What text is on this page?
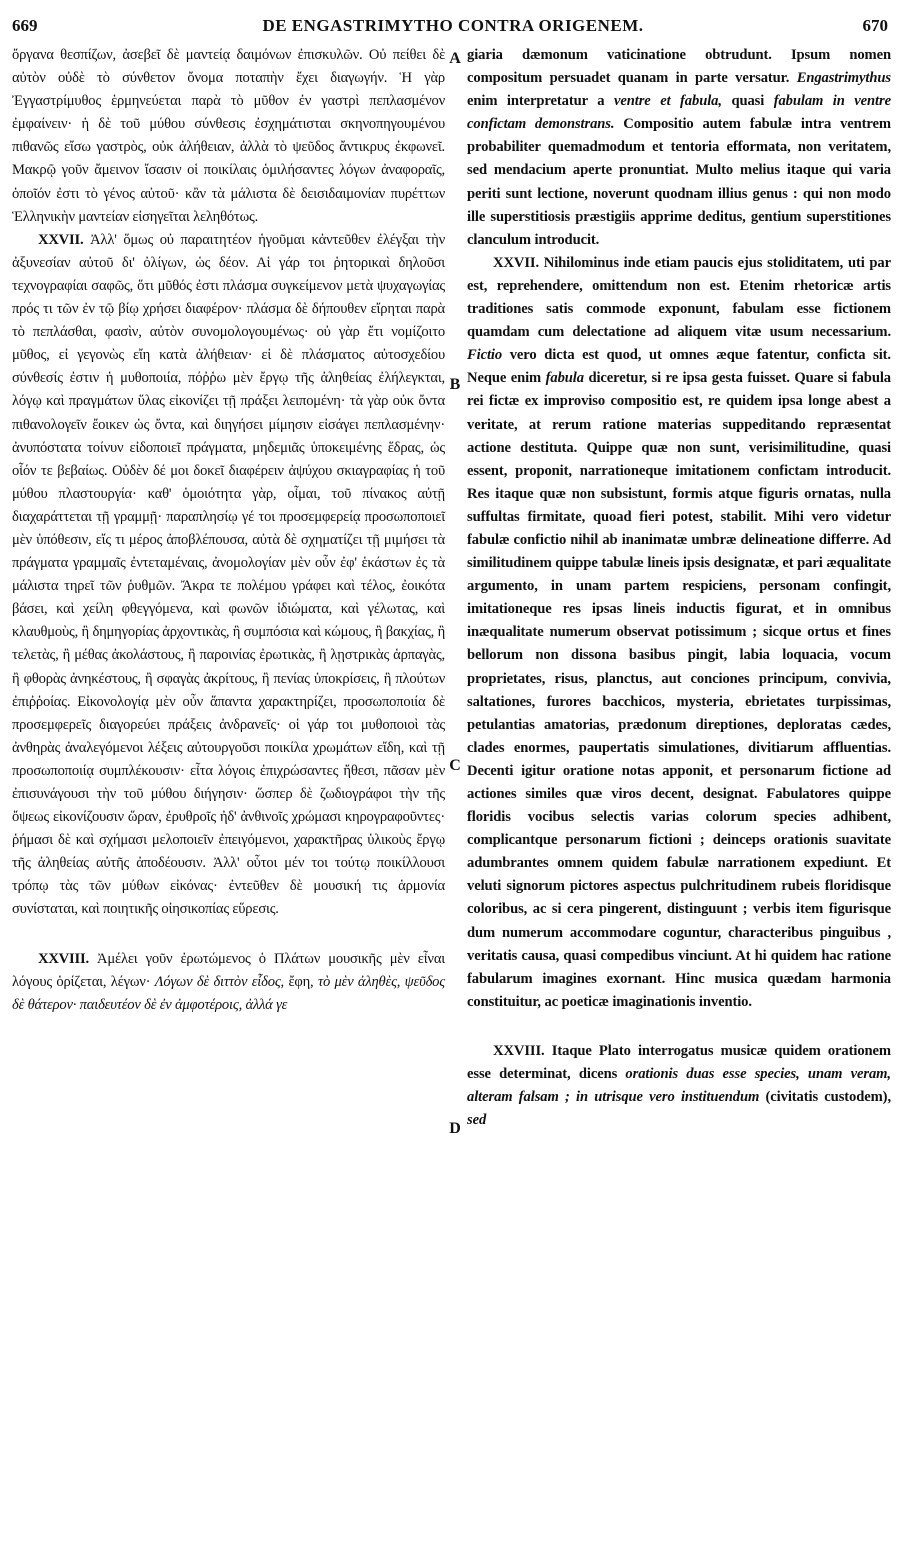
669	DE ENGASTRIMYTHO CONTRA ORIGENEM.	670

ὄργανα θεσπίζων, ἀσεβεῖ δὲ μαντείᾳ δαιμόνων ἐπισκυλῶν. Οὐ πείθει δὲ αὐτὸν οὐδὲ τὸ σύνθετον ὄνομα ποταπὴν ἔχει διαγωγήν. Ἡ γὰρ Ἐγγαστρίμυθος ἑρμηνεύεται παρὰ τὸ μῦθον ἐν γαστρὶ πεπλασμένον ἐμφαίνειν· ἡ δὲ τοῦ μύθου σύνθεσις ἐσχημάτισται σκηνοπηγουμένου πιθανῶς εἴσω γαστρὸς, οὐκ ἀλήθειαν, ἀλλὰ τὸ ψεῦδος ἄντικρυς ἐκφωνεῖ. Μακρῷ γοῦν ἄμεινον ἴσασιν οἱ ποικίλαις ὁμιλήσαντες λόγων ἀναφοραῖς, ὁποῖόν ἐστι τὸ γένος αὐτοῦ· κἂν τὰ μάλιστα δὲ δεισιδαιμονίαν πυρέττων Ἑλληνικὴν μαντείαν εἰσηγεῖται λεληθότως.

XXVII. Ἀλλ' ὅμως οὐ παραιτητέον ἡγοῦμαι κἀντεῦθεν ἐλέγξαι τὴν ἀξυνεσίαν αὐτοῦ δι' ὀλίγων, ὡς δέον. Αἱ γάρ τοι ῥητορικαὶ δηλοῦσι τεχνογραφίαι σαφῶς, ὅτι μῦθός ἐστι πλάσμα συγκείμενον μετὰ ψυχαγωγίας πρός τι τῶν ἐν τῷ βίῳ χρήσει διαφέρον· πλάσμα δὲ δήπουθεν εἴρηται παρὰ τὸ πεπλάσθαι, φασὶν, αὐτὸν συνομολογουμένως· οὐ γὰρ ἔτι νομίζοιτο μῦθος, εἰ γεγονὼς εἴη κατὰ ἀλήθειαν· εἰ δὲ πλάσματος αὐτοσχεδίου σύνθεσίς ἐστιν ἡ μυθοποιία, πόῤῥω μὲν ἔργῳ τῆς ἀληθείας ἐλήλεγκται, λόγῳ καὶ πραγμάτων ὕλας εἰκονίζει τῇ πράξει λειπομένη· τὰ γὰρ οὐκ ὄντα πιθανολογεῖν ἔοικεν ὡς ὄντα, καὶ διηγήσει μίμησιν εἰσάγει πεπλασμένην· ἀνυπόστατα τοίνυν εἰδοποιεῖ πράγματα, μηδεμιᾶς ὑποκειμένης ἕδρας, ὡς οἷόν τε βεβαίως. Οὐδὲν δέ μοι δοκεῖ διαφέρειν ἀψύχου σκιαγραφίας ἡ τοῦ μύθου πλαστουργία· καθ' ὁμοιότητα γὰρ, οἶμαι, τοῦ πίνακος αὐτῇ διαχαράττεται τῇ γραμμῇ· παραπλησίῳ γέ τοι προσεμφερείᾳ προσωποποιεῖ μὲν ὑπόθεσιν, εἴς τι μέρος ἀποβλέπουσα, αὐτὰ δὲ σχηματίζει τῇ μιμήσει τὰ πράγματα γραμμαῖς ἐντεταμέναις, ἀνομολογίαν μὲν οὖν ἐφ' ἑκάστων ἐς τὰ μάλιστα τηρεῖ τῶν ῥυθμῶν. Ἄκρα τε πολέμου γράφει καὶ τέλος, ἐοικότα βάσει, καὶ χείλη φθεγγόμενα, καὶ φωνῶν ἰδιώματα, καὶ γέλωτας, καὶ κλαυθμοὺς, ἢ δημηγορίας ἀρχοντικὰς, ἢ συμπόσια καὶ κώμους, ἢ βακχίας, ἢ τελετὰς, ἢ μέθας ἀκολάστους, ἢ παροινίας ἐρωτικὰς, ἢ λῃστρικὰς ἁρπαγὰς, ἢ φθορὰς ἀνηκέστους, ἢ σφαγὰς ἀκρίτους, ἢ πενίας ὑποκρίσεις, ἢ πλούτων ἐπιῤῥοίας. Εἰκονολογίᾳ μὲν οὖν ἅπαντα χαρακτηρίζει, προσωποποιία δὲ προσεμφερεῖς διαγορεύει πράξεις ἀνδρανεῖς· οἱ γάρ τοι μυθοποιοὶ τὰς ἀνθηρὰς ἀναλεγόμενοι λέξεις αὐτουργοῦσι ποικίλα χρωμάτων εἴδη, καὶ τῇ προσωποποιίᾳ συμπλέκουσιν· εἶτα λόγοις ἐπιχρώσαντες ἤθεσι, πᾶσαν μὲν ἐπισυνάγουσι τὴν τοῦ μύθου διήγησιν· ὥσπερ δὲ ζωδιογράφοι τὴν τῆς ὄψεως εἰκονίζουσιν ὥραν, ἐρυθροῖς ἠδ' ἀνθινοῖς χρώμασι κηρογραφοῦντες· ῥήμασι δὲ καὶ σχήμασι μελοποιεῖν ἐπειγόμενοι, χαρακτῆρας ὑλικοὺς ἔργῳ τῆς ἀληθείας αὐτῆς ἀποδέουσιν. Ἀλλ' οὗτοι μέν τοι τούτῳ ποικίλλουσι τρόπῳ τὰς τῶν μύθων εἰκόνας· ἐντεῦθεν δὲ μουσική τις ἁρμονία συνίσταται, καὶ ποιητικῆς οἰησικοπίας εὕρεσις.

XXVIII. Ἀμέλει γοῦν ἐρωτώμενος ὁ Πλάτων μουσικῆς μὲν εἶναι λόγους ὁρίζεται, λέγων· Λόγων δὲ διττὸν εἶδος, ἔφη, τὸ μὲν ἀληθὲς, ψεῦδος δὲ θάτερον· παιδευτέον δὲ ἐν ἀμφοτέροις, ἀλλά γε

A
B
C
D

giaria dæmonum vaticinatione obtrudunt. Ipsum nomen compositum persuadet quanam in parte versatur. Engastrimythus enim interpretatur a ventre et fabula, quasi fabulam in ventre confictam demonstrans. Compositio autem fabulæ intra ventrem probabiliter quemadmodum et tentoria efformata, non veritatem, sed mendacium aperte pronuntiat. Multo melius itaque qui varia periti sunt lectione, noverunt quodnam illius genus : qui non modo ille superstitiosis præstigiis apprime deditus, gentium superstitiones clanculum introducit.

XXVII. Nihilominus inde etiam paucis ejus stoliditatem, uti par est, reprehendere, omittendum non est. Etenim rhetoricæ artis traditiones satis commode exponunt, fabulam esse fictionem quamdam cum delectatione ad aliquem vitæ usum necessarium. Fictio vero dicta est quod, ut omnes æque fatentur, conficta sit. Neque enim fabula diceretur, si re ipsa gesta fuisset. Quare si fabula rei fictæ ex improviso compositio est, re quidem ipsa longe abest a veritate, at rerum ratione materias suppeditando repræsentat actione destituta. Quippe quæ non sunt, verisimilitudine, quasi essent, proponit, narrationeque imitationem confictam introducit. Res itaque quæ non subsistunt, formis atque figuris ornatas, nulla suffultas firmitate, quoad fieri potest, stabilit. Mihi vero videtur fabulæ confictio nihil ab inanimatæ umbræ delineatione differre. Ad similitudinem quippe tabulæ lineis ipsis designatæ, et pari æqualitate argumento, in unam partem respiciens, personam confingit, imitationeque res ipsas lineis inductis figurat, et in omnibus inæqualitate numerum observat potissimum ; sicque ortus et fines bellorum non dissona basibus pingit, labia loquacia, vocum proprietates, risus, planctus, aut conciones principum, convivia, saltationes, furores bacchicos, mysteria, ebrietates turpissimas, petulantias amatorias, prædonum direptiones, deploratas cædes, clades enormes, paupertatis simulationes, divitiarum affluentias. Decenti igitur oratione notas apponit, et personarum fictione ad actiones similes quæ viros decent, designat. Fabulatores quippe floridis vocibus selectis varias colorum species adhibent, complicantque personarum fictioni ; deinceps orationis suavitate adumbrantes omnem quidem fabulæ narrationem expediunt. Et veluti signorum pictores aspectus pulchritudinem rubeis floridisque coloribus, ac si cera pingerent, distinguunt ; verbis item figurisque dum numerum accommodare coguntur, characteribus pinguibus , veritatis causa, quasi compedibus vinciunt. At hi quidem hac ratione fabularum imagines exornant. Hinc musica quædam harmonia constituitur, ac poeticæ imaginationis inventio.

XXVIII. Itaque Plato interrogatus musicæ quidem orationem esse determinat, dicens orationis duas esse species, unam veram, alteram falsam ; in utrisque vero instituendum (civitatis custodem), sed
